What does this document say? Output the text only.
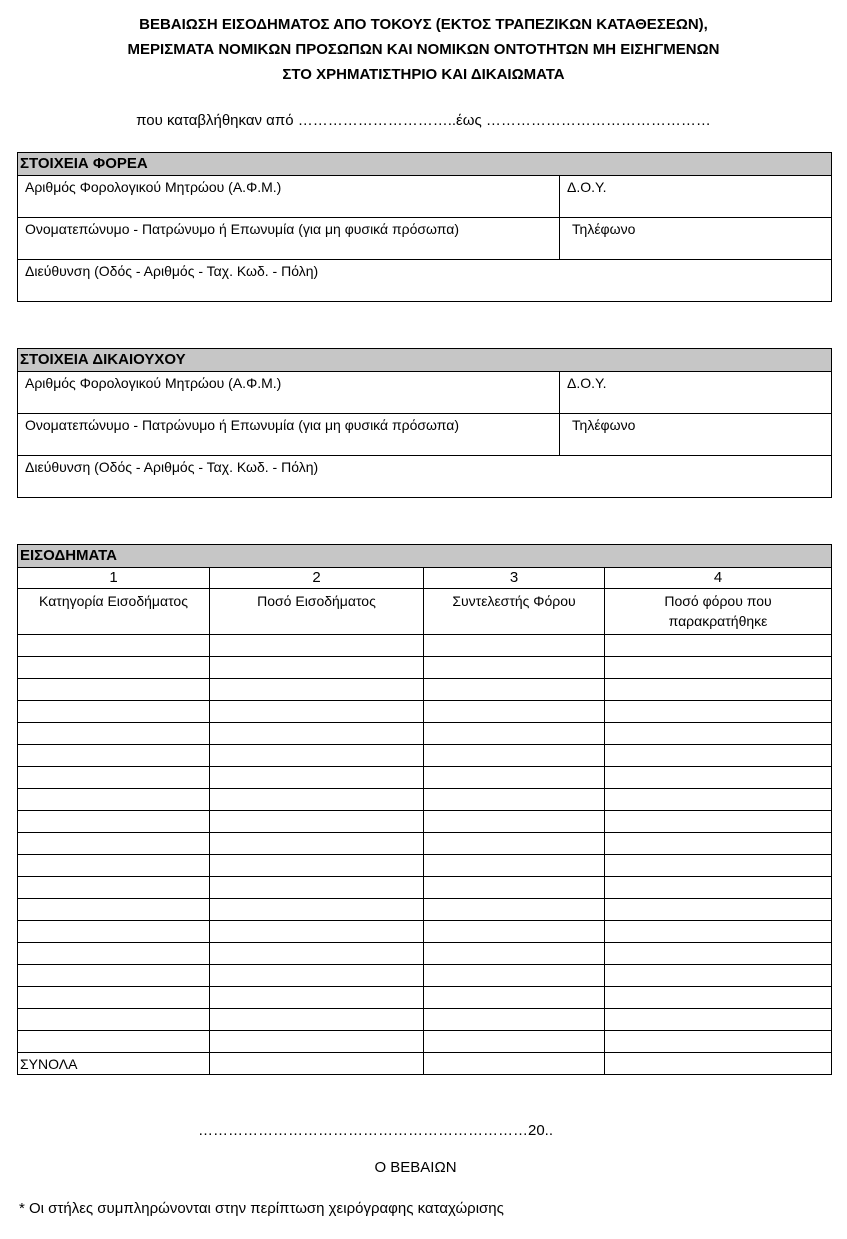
ΒΕΒΑΙΩΣΗ ΕΙΣΟΔΗΜΑΤΟΣ ΑΠΟ ΤΟΚΟΥΣ (ΕΚΤΟΣ ΤΡΑΠΕΖΙΚΩΝ ΚΑΤΑΘΕΣΕΩΝ),
ΜΕΡΙΣΜΑΤΑ ΝΟΜΙΚΩΝ ΠΡΟΣΩΠΩΝ ΚΑΙ ΝΟΜΙΚΩΝ ΟΝΤΟΤΗΤΩΝ ΜΗ ΕΙΣΗΓΜΕΝΩΝ
ΣΤΟ ΧΡΗΜΑΤΙΣΤΗΡΙΟ ΚΑΙ ΔΙΚΑΙΩΜΑΤΑ
που καταβλήθηκαν από …………………………..έως ………………………………………
ΣΤΟΙΧΕΙΑ ΦΟΡΕΑ	
Αριθμός Φορολογικού Μητρώου (Α.Φ.Μ.)	Δ.Ο.Υ.
Ονοματεπώνυμο - Πατρώνυμο ή Επωνυμία (για μη φυσικά πρόσωπα)	Τηλέφωνο
Διεύθυνση (Οδός - Αριθμός - Ταχ. Κωδ. - Πόλη)	
ΣΤΟΙΧΕΙΑ ΔΙΚΑΙΟΥΧΟΥ	
Αριθμός Φορολογικού Μητρώου (Α.Φ.Μ.)	Δ.Ο.Υ.
Ονοματεπώνυμο - Πατρώνυμο ή Επωνυμία (για μη φυσικά πρόσωπα)	Τηλέφωνο
Διεύθυνση (Οδός - Αριθμός - Ταχ. Κωδ. - Πόλη)	
ΕΙΣΟΔΗΜΑΤΑ			
1	2	3	4
Κατηγορία Εισοδήματος	Ποσό Εισοδήματος	Συντελεστής Φόρου	Ποσό φόρου που παρακρατήθηκε

ΣΥΝΟΛΑ			
…………………………………………………………20..
Ο ΒΕΒΑΙΩΝ
* Οι στήλες συμπληρώνονται στην περίπτωση χειρόγραφης καταχώρισης
